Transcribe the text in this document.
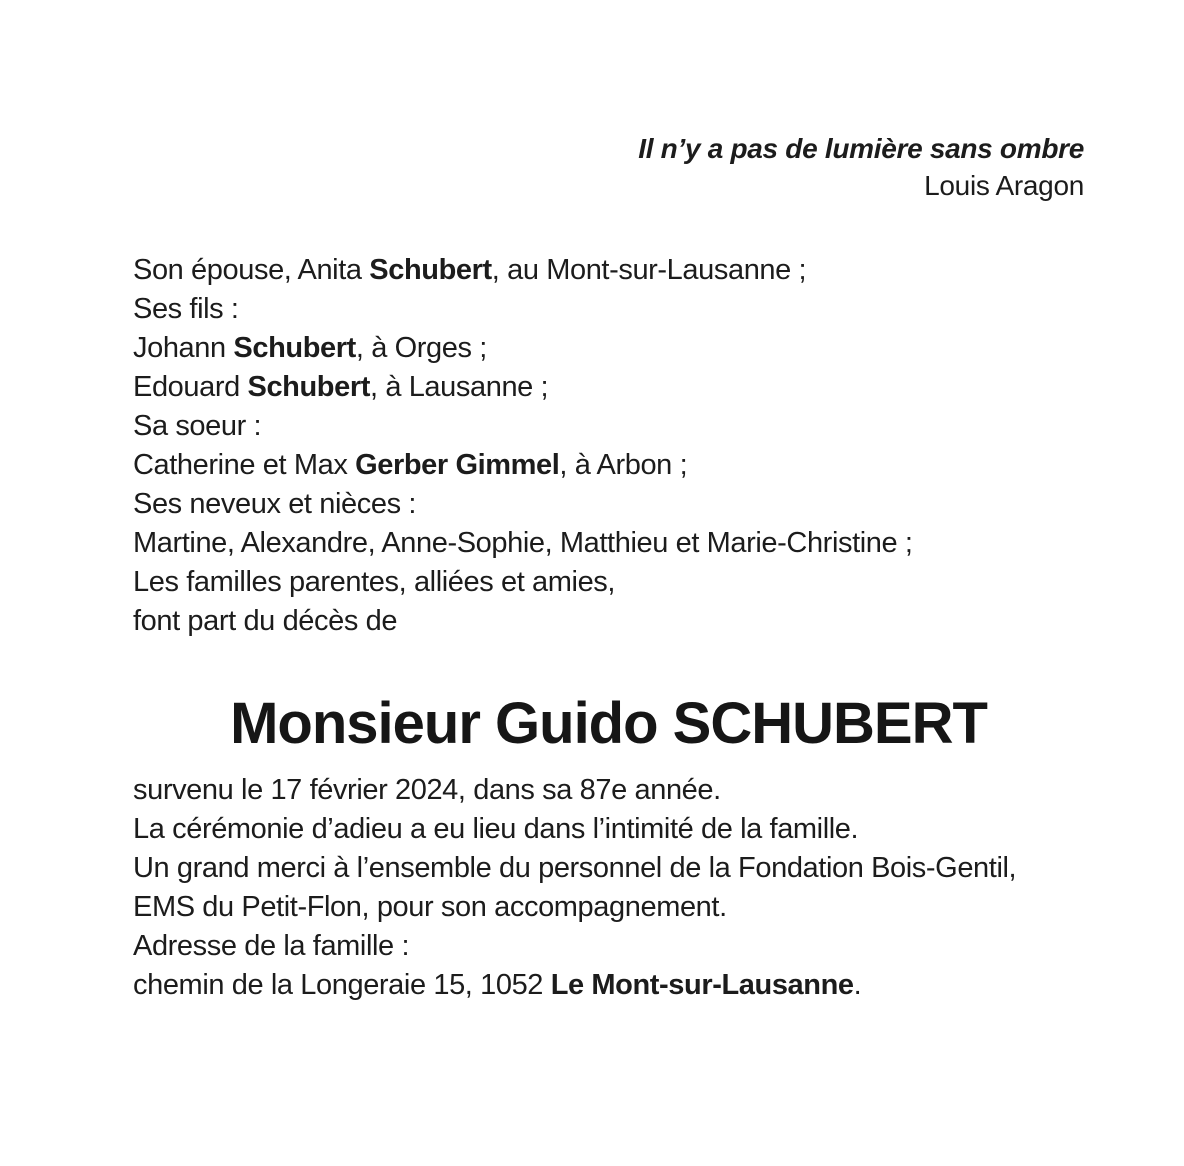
Il n’y a pas de lumière sans ombre
Louis Aragon
Son épouse, Anita Schubert, au Mont-sur-Lausanne ;
Ses fils :
Johann Schubert, à Orges ;
Edouard Schubert, à Lausanne ;
Sa soeur :
Catherine et Max Gerber Gimmel, à Arbon ;
Ses neveux et nièces :
Martine, Alexandre, Anne-Sophie, Matthieu et Marie-Christine ;
Les familles parentes, alliées et amies,
font part du décès de
Monsieur Guido SCHUBERT
survenu le 17 février 2024, dans sa 87e année.
La cérémonie d’adieu a eu lieu dans l’intimité de la famille.
Un grand merci à l’ensemble du personnel de la Fondation Bois-Gentil,
EMS du Petit-Flon, pour son accompagnement.
Adresse de la famille :
chemin de la Longeraie 15, 1052 Le Mont-sur-Lausanne.
